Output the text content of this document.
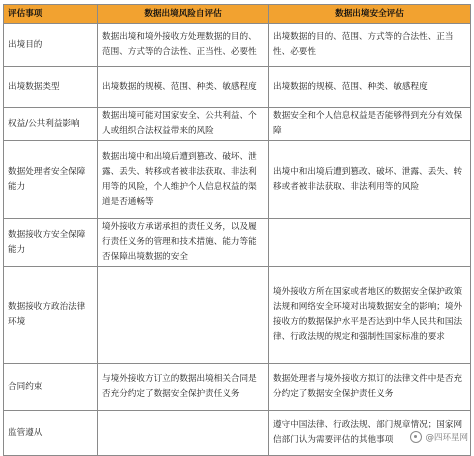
评估事项	数据出境风险自评估	数据出境安全评估
出境目的	数据出境和境外接收方处理数据的目的、范围、方式等的合法性、正当性、必要性	出境数据的目的、范围、方式等的合法性、正当性、必要性
出境数据类型	出境数据的规模、范围、种类、敏感程度	出境数据的规模、范围、种类、敏感程度
权益/公共利益影响	数据出境可能对国家安全、公共利益、个人或组织合法权益带来的风险	数据安全和个人信息权益是否能够得到充分有效保障
数据处理者安全保障能力	数据出境中和出境后遭到篡改、破坏、泄露、丢失、转移或者被非法获取、非法利用等的风险，个人维护个人信息权益的渠道是否通畅等	出境中和出境后遭到篡改、破坏、泄露、丢失、转移或者被非法获取、非法利用等的风险
数据接收方安全保障能力	境外接收方承诺承担的责任义务，以及履行责任义务的管理和技术措施、能力等能否保障出境数据的安全	
数据接收方政治法律环境		境外接收方所在国家或者地区的数据安全保护政策法规和网络安全环境对出境数据安全的影响；境外接收方的数据保护水平是否达到中华人民共和国法律、行政法规的规定和强制性国家标准的要求
合同约束	与境外接收方订立的数据出境相关合同是否充分约定了数据安全保护责任义务	数据处理者与境外接收方拟订的法律文件中是否充分约定了数据安全保护责任义务
监管遵从		遵守中国法律、行政法规、部门规章情况；国家网信部门认为需要评估的其他事项	@四环星网
